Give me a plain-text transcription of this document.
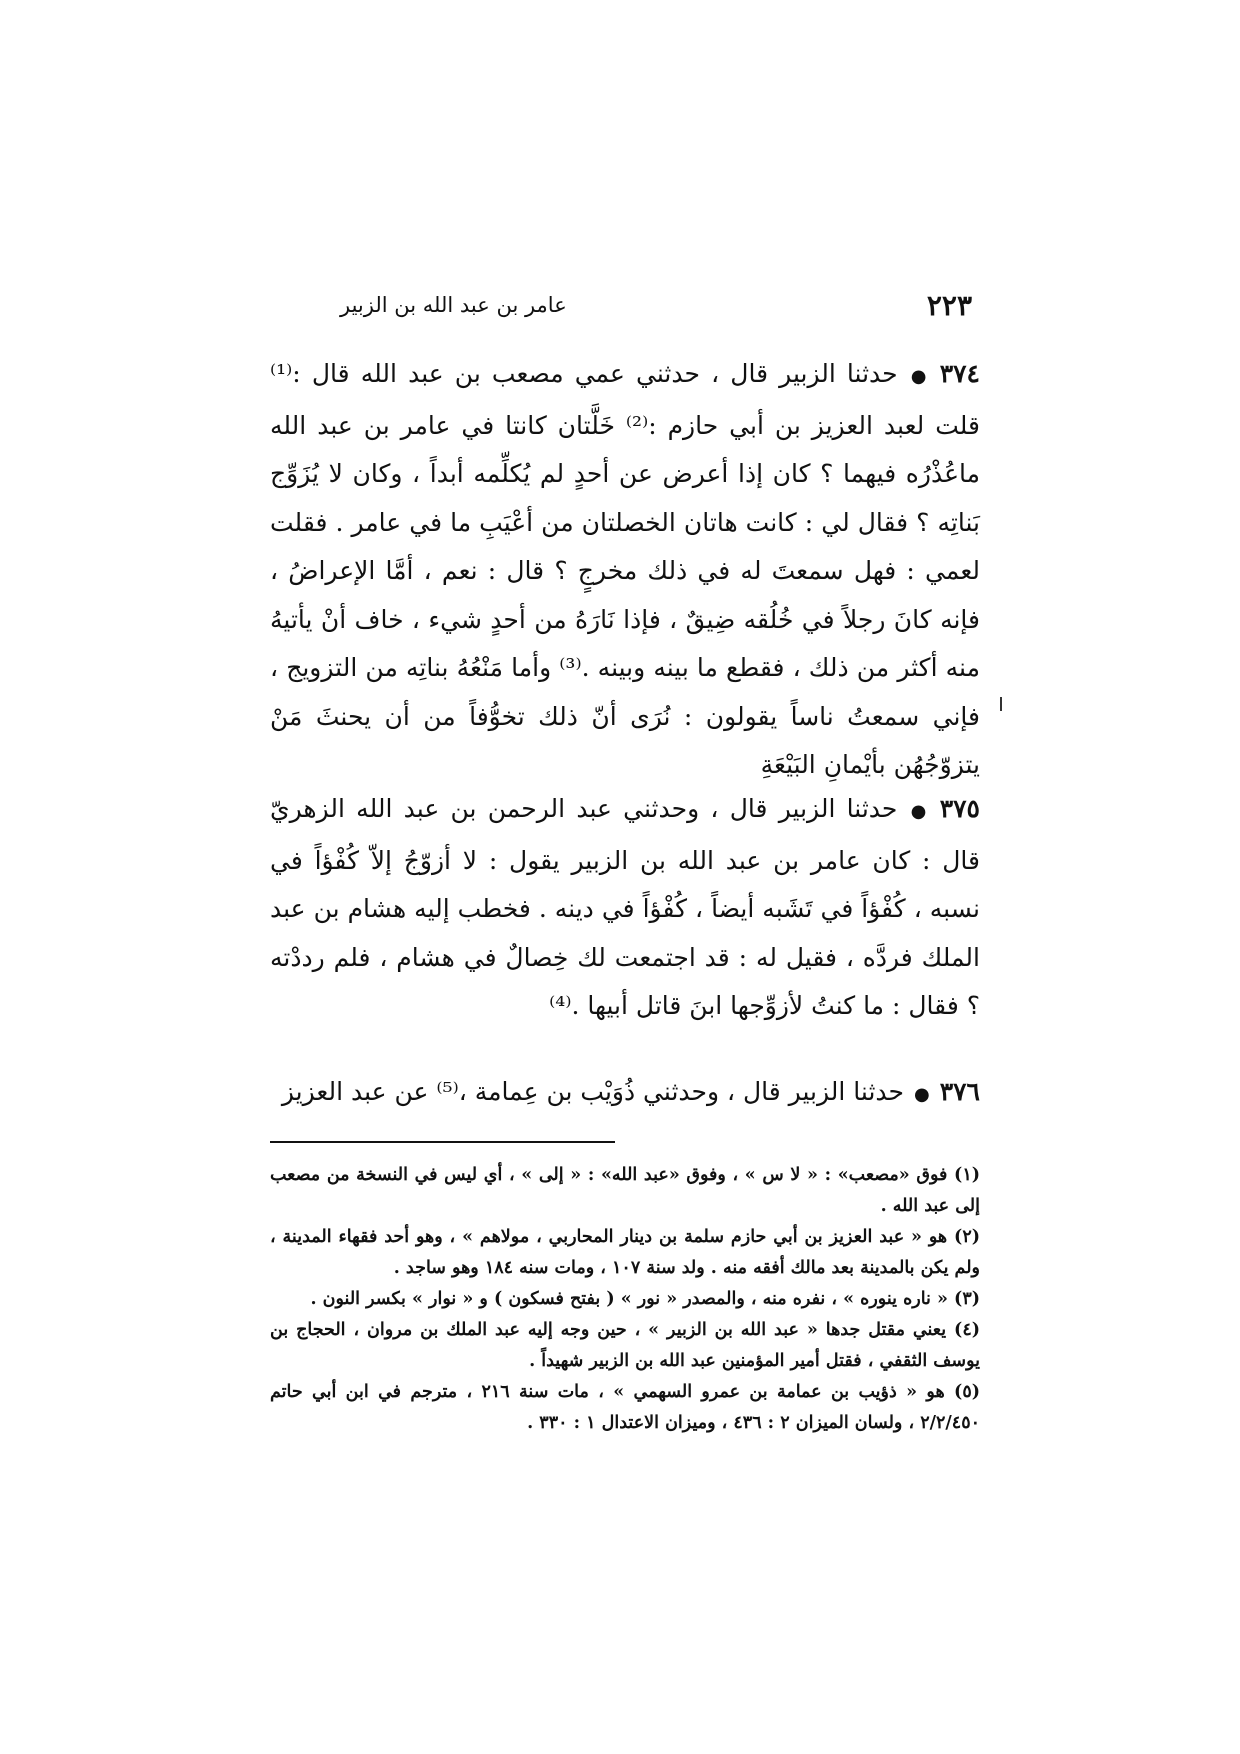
٢٢٣
عامر بن عبد الله بن الزبير

٣٧٤●حدثنا الزبير قال ، حدثني عمي مصعب بن عبد الله قال :⁽¹⁾ قلت لعبد العزيز بن أبي حازم :⁽²⁾ خَلَّتان كانتا في عامر بن عبد الله ماعُذْرُه فيهما ؟ كان إذا أعرض عن أحدٍ لم يُكلِّمه أبداً ، وكان لا يُزَوِّج بَناتِه ؟ فقال لي : كانت هاتان الخصلتان من أعْيَبِ ما في عامر . فقلت لعمي : فهل سمعتَ له في ذلك مخرجٍ ؟ قال : نعم ، أمَّا الإعراضُ ، فإنه كانَ رجلاً في خُلُقه ضِيقٌ ، فإذا نَارَهُ من أحدٍ شيء ، خاف أنْ يأتيهُ منه أكثر من ذلك ، فقطع ما بينه وبينه .⁽³⁾ وأما مَنْعُهُ بناتِه من التزويج ، فإني سمعتُ ناساً يقولون : نُرَى أنّ ذلك تخوُّفاً من أن يحنثَ مَنْ يتزوّجُهُن بأيْمانِ البَيْعَةِ

٣٧٥●حدثنا الزبير قال ، وحدثني عبد الرحمن بن عبد الله الزهريّ قال : كان عامر بن عبد الله بن الزبير يقول : لا أزوّجُ إلاّ كُفْؤاً في نسبه ، كُفْؤاً في تَشَبه أيضاً ، كُفْؤاً في دينه . فخطب إليه هشام بن عبد الملك فردَّه ، فقيل له : قد اجتمعت لك خِصالٌ في هشام ، فلم رددْته ؟ فقال : ما كنتُ لأزوِّجها ابنَ قاتل أبيها .⁽⁴⁾

٣٧٦●حدثنا الزبير قال ، وحدثني ذُوَيْب بن عِمامة ،⁽⁵⁾ عن عبد العزيز

(١) فوق «مصعب» : « لا س » ، وفوق «عبد الله» : « إلى » ، أي ليس في النسخة من مصعب إلى عبد الله .

(٢) هو « عبد العزيز بن أبي حازم سلمة بن دينار المحاربي ، مولاهم » ، وهو أحد فقهاء المدينة ، ولم يكن بالمدينة بعد مالك أفقه منه . ولد سنة ١٠٧ ، ومات سنه ١٨٤ وهو ساجد .

(٣) « ناره ينوره » ، نفره منه ، والمصدر « نور » ( بفتح فسكون ) و « نوار » بكسر النون .

(٤) يعني مقتل جدها « عبد الله بن الزبير » ، حين وجه إليه عبد الملك بن مروان ، الحجاج بن يوسف الثقفي ، فقتل أمير المؤمنين عبد الله بن الزبير شهيداً .

(٥) هو « ذؤيب بن عمامة بن عمرو السهمي » ، مات سنة ٢١٦ ، مترجم في ابن أبي حاتم ٢/٢/٤٥٠ ، ولسان الميزان ٢ : ٤٣٦ ، وميزان الاعتدال ١ : ٣٣٠ .
